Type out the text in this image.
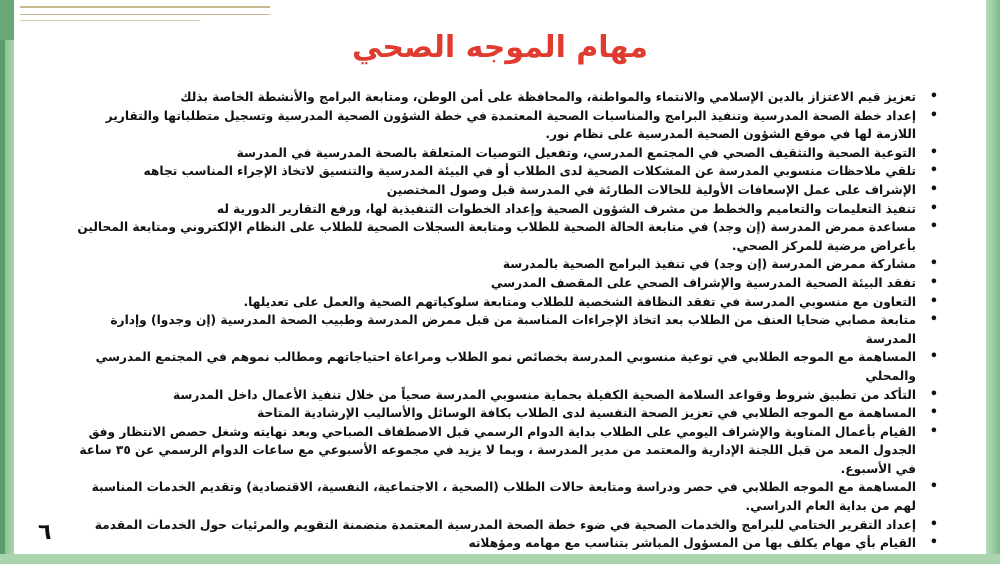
مهام الموجه الصحي
•
تعزيز قيم الاعتزاز بالدين الإسلامي والانتماء والمواطنة، والمحافظة على أمن الوطن، ومتابعة البرامج والأنشطة الخاصة بذلك
•
إعداد خطة الصحة المدرسية وتنفيذ البرامج والمناسبات الصحية المعتمدة في خطة الشؤون الصحية المدرسية وتسجيل متطلباتها والتقارير اللازمة لها في موقع الشؤون الصحية المدرسية على نظام نور.
•
التوعية الصحية والتثقيف الصحي في المجتمع المدرسي، وتفعيل التوصيات المتعلقة بالصحة المدرسية في المدرسة
•
تلقي ملاحظات منسوبي المدرسة عن المشكلات الصحية لدى الطلاب أو في البيئة المدرسية والتنسيق لاتخاذ الإجراء المناسب تجاهه
•
الإشراف على عمل الإسعافات الأولية للحالات الطارئة في المدرسة قبل وصول المختصين
•
تنفيذ التعليمات والتعاميم والخطط من مشرف الشؤون الصحية وإعداد الخطوات التنفيذية لها، ورفع التقارير الدورية له
•
مساعدة ممرض المدرسة (إن وجد) في متابعة الحالة الصحية للطلاب ومتابعة السجلات الصحية للطلاب على النظام الإلكتروني ومتابعة المحالين بأعراض مرضية للمركز الصحي.
•
مشاركة ممرض المدرسة (إن وجد) في تنفيذ البرامج الصحية بالمدرسة
•
تفقد البيئة الصحية المدرسية والإشراف الصحي على المقصف المدرسي
•
التعاون مع منسوبي المدرسة في تفقد النظافة الشخصية للطلاب ومتابعة سلوكياتهم الصحية والعمل على تعديلها.
•
متابعة مصابي ضحايا العنف من الطلاب بعد اتخاذ الإجراءات المناسبة من قبل ممرض المدرسة وطبيب الصحة المدرسية (إن وجدوا) وإدارة المدرسة
•
المساهمة مع الموجه الطلابي في توعية منسوبي المدرسة بخصائص نمو الطلاب ومراعاة احتياجاتهم ومطالب نموهم في المجتمع المدرسي والمحلي
•
التأكد من تطبيق شروط وقواعد السلامة الصحية الكفيلة بحماية منسوبي المدرسة صحياً من خلال تنفيذ الأعمال داخل المدرسة
•
المساهمة مع الموجه الطلابي في تعزيز الصحة النفسية لدى الطلاب بكافة الوسائل والأساليب الإرشادية المتاحة
•
القيام بأعمال المناوبة والإشراف اليومي على الطلاب بداية الدوام الرسمي قبل الاصطفاف الصباحي وبعد نهايته وشغل حصص الانتظار وفق الجدول المعد من قبل اللجنة الإدارية والمعتمد من مدير المدرسة ، وبما لا يزيد في مجموعه الأسبوعي مع ساعات الدوام الرسمي عن ٣٥ ساعة في الأسبوع.
•
المساهمة مع الموجه الطلابي في حصر ودراسة ومتابعة حالات الطلاب (الصحية ، الاجتماعية، النفسية، الاقتصادية) وتقديم الخدمات المناسبة لهم من بداية العام الدراسي.
•
إعداد التقرير الختامي للبرامج والخدمات الصحية في ضوء خطة الصحة المدرسية المعتمدة متضمنة التقويم والمرئيات حول الخدمات المقدمة
•
القيام بأي مهام يكلف بها من المسؤول المباشر بتناسب مع مهامه ومؤهلاته
٦
